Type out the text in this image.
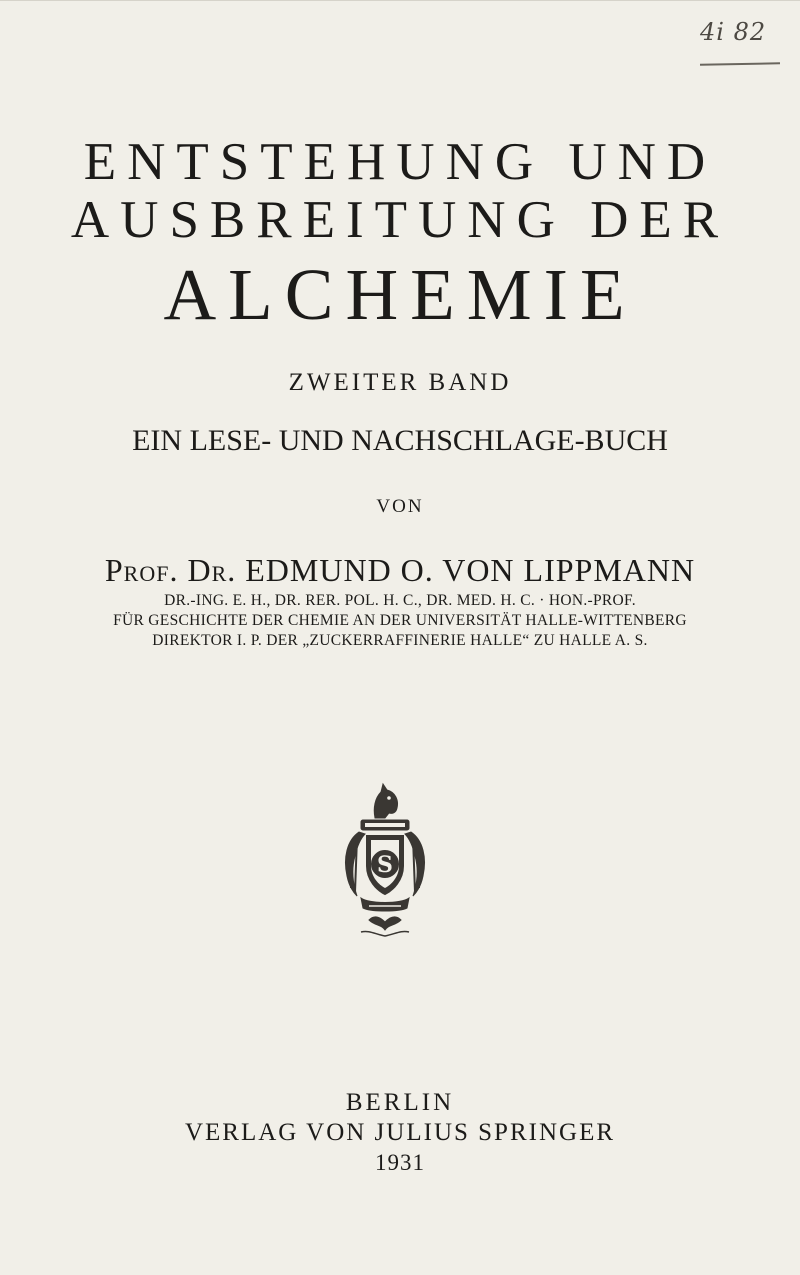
4i 82
ENTSTEHUNG UND
AUSBREITUNG DER
ALCHEMIE
ZWEITER BAND
EIN LESE- UND NACHSCHLAGE-BUCH
VON
Prof. Dr. EDMUND O. VON LIPPMANN
DR.-ING. E. H., DR. RER. POL. H. C., DR. MED. H. C. · HON.-PROF.
FÜR GESCHICHTE DER CHEMIE AN DER UNIVERSITÄT HALLE-WITTENBERG
DIREKTOR I. P. DER „ZUCKERRAFFINERIE HALLE“ ZU HALLE A. S.
S
BERLIN
VERLAG VON JULIUS SPRINGER
1931
